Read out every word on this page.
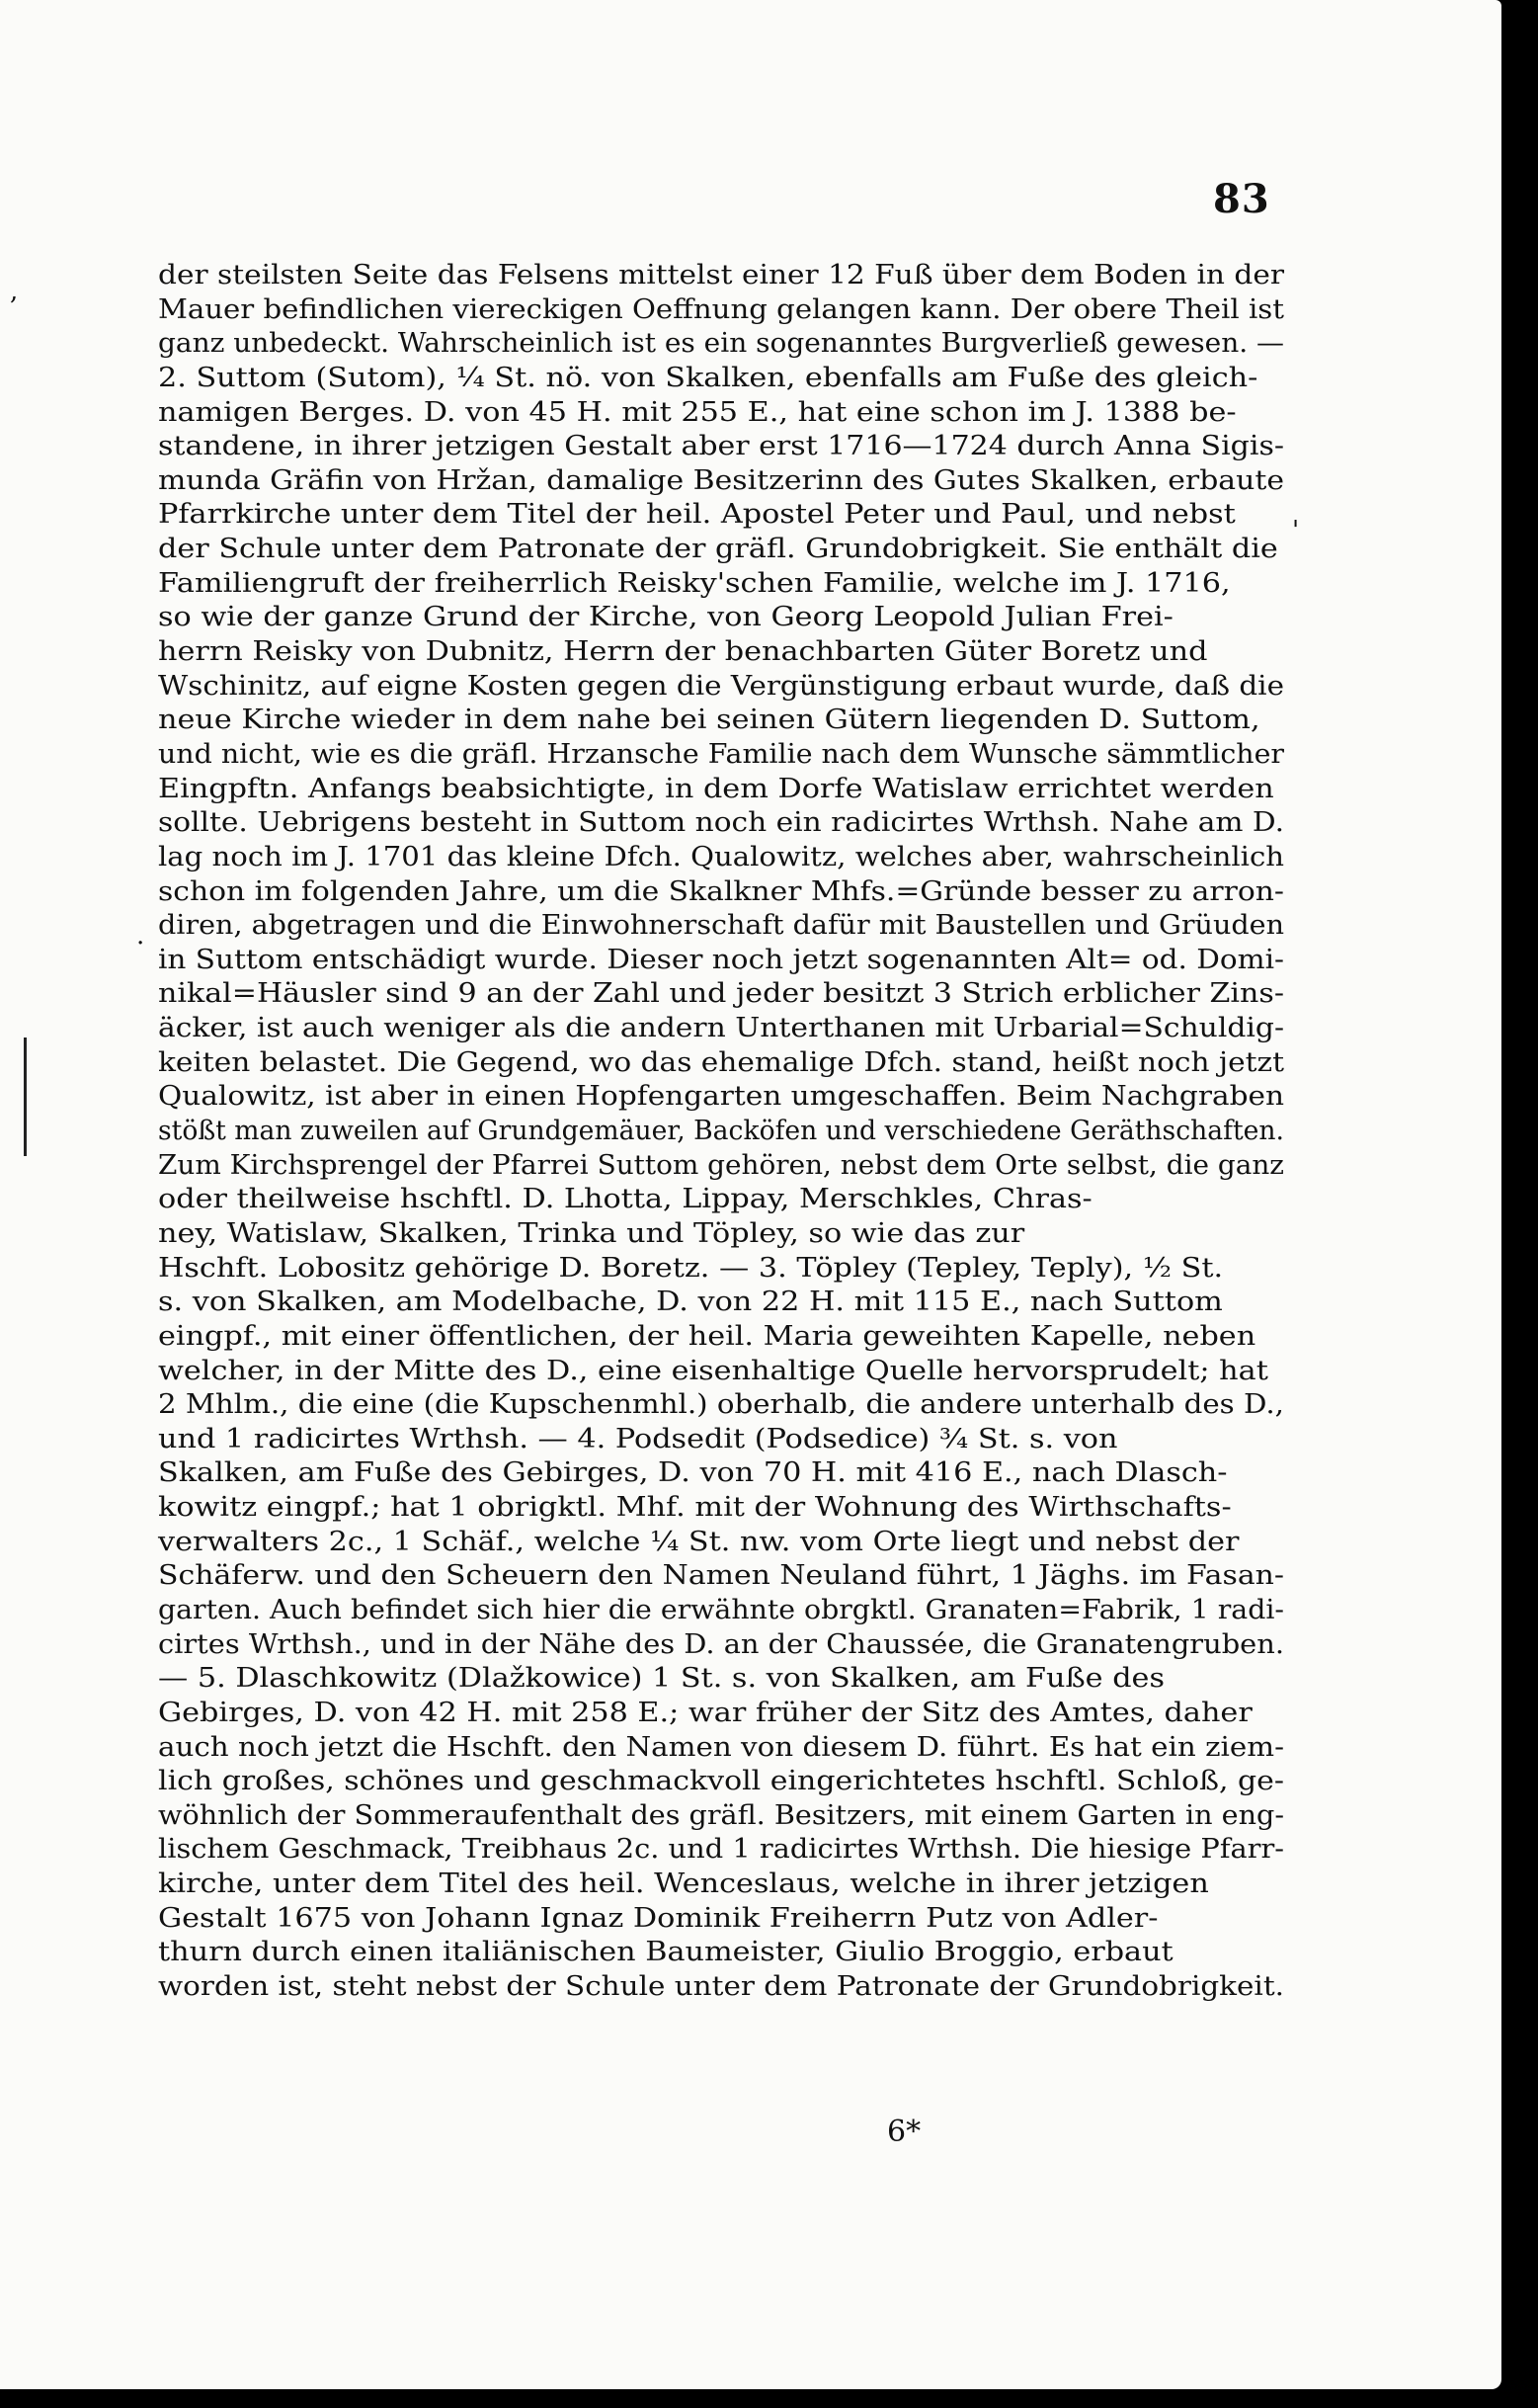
83
der steilsten Seite das Felsens mittelst einer 12 Fuß über dem Boden in der
Mauer befindlichen viereckigen Oeffnung gelangen kann. Der obere Theil ist
ganz unbedeckt. Wahrscheinlich ist es ein sogenanntes Burgverließ gewesen. —
2. Suttom (Sutom), ¹⁄₄ St. nö. von Skalken, ebenfalls am Fuße des gleich-
namigen Berges. D. von 45 H. mit 255 E., hat eine schon im J. 1388 be-
standene, in ihrer jetzigen Gestalt aber erst 1716—1724 durch Anna Sigis-
munda Gräfin von Hržan, damalige Besitzerinn des Gutes Skalken, erbaute
Pfarrkirche unter dem Titel der heil. Apostel Peter und Paul, und nebst
der Schule unter dem Patronate der gräfl. Grundobrigkeit. Sie enthält die
Familiengruft der freiherrlich Reisky'schen Familie, welche im J. 1716,
so wie der ganze Grund der Kirche, von Georg Leopold Julian Frei-
herrn Reisky von Dubnitz, Herrn der benachbarten Güter Boretz und
Wschinitz, auf eigne Kosten gegen die Vergünstigung erbaut wurde, daß die
neue Kirche wieder in dem nahe bei seinen Gütern liegenden D. Suttom,
und nicht, wie es die gräfl. Hrzansche Familie nach dem Wunsche sämmtlicher
Eingpftn. Anfangs beabsichtigte, in dem Dorfe Watislaw errichtet werden
sollte. Uebrigens besteht in Suttom noch ein radicirtes Wrthsh. Nahe am D.
lag noch im J. 1701 das kleine Dfch. Qualowitz, welches aber, wahrscheinlich
schon im folgenden Jahre, um die Skalkner Mhfs.=Gründe besser zu arron-
diren, abgetragen und die Einwohnerschaft dafür mit Baustellen und Grüuden
in Suttom entschädigt wurde. Dieser noch jetzt sogenannten Alt= od. Domi-
nikal=Häusler sind 9 an der Zahl und jeder besitzt 3 Strich erblicher Zins-
äcker, ist auch weniger als die andern Unterthanen mit Urbarial=Schuldig-
keiten belastet. Die Gegend, wo das ehemalige Dfch. stand, heißt noch jetzt
Qualowitz, ist aber in einen Hopfengarten umgeschaffen. Beim Nachgraben
stößt man zuweilen auf Grundgemäuer, Backöfen und verschiedene Geräthschaften.
Zum Kirchsprengel der Pfarrei Suttom gehören, nebst dem Orte selbst, die ganz
oder theilweise hschftl. D. Lhotta, Lippay, Merschkles, Chras-
ney, Watislaw, Skalken, Trinka und Töpley, so wie das zur
Hschft. Lobositz gehörige D. Boretz. — 3. Töpley (Tepley, Teply), ½ St.
s. von Skalken, am Modelbache, D. von 22 H. mit 115 E., nach Suttom
eingpf., mit einer öffentlichen, der heil. Maria geweihten Kapelle, neben
welcher, in der Mitte des D., eine eisenhaltige Quelle hervorsprudelt; hat
2 Mhlm., die eine (die Kupschenmhl.) oberhalb, die andere unterhalb des D.,
und 1 radicirtes Wrthsh. — 4. Podsedit (Podsedice) ¾ St. s. von
Skalken, am Fuße des Gebirges, D. von 70 H. mit 416 E., nach Dlasch-
kowitz eingpf.; hat 1 obrigktl. Mhf. mit der Wohnung des Wirthschafts-
verwalters 2c., 1 Schäf., welche ¼ St. nw. vom Orte liegt und nebst der
Schäferw. und den Scheuern den Namen Neuland führt, 1 Jäghs. im Fasan-
garten. Auch befindet sich hier die erwähnte obrgktl. Granaten=Fabrik, 1 radi-
cirtes Wrthsh., und in der Nähe des D. an der Chaussée, die Granatengruben.
— 5. Dlaschkowitz (Dlažkowice) 1 St. s. von Skalken, am Fuße des
Gebirges, D. von 42 H. mit 258 E.; war früher der Sitz des Amtes, daher
auch noch jetzt die Hschft. den Namen von diesem D. führt. Es hat ein ziem-
lich großes, schönes und geschmackvoll eingerichtetes hschftl. Schloß, ge-
wöhnlich der Sommeraufenthalt des gräfl. Besitzers, mit einem Garten in eng-
lischem Geschmack, Treibhaus 2c. und 1 radicirtes Wrthsh. Die hiesige Pfarr-
kirche, unter dem Titel des heil. Wenceslaus, welche in ihrer jetzigen
Gestalt 1675 von Johann Ignaz Dominik Freiherrn Putz von Adler-
thurn durch einen italiänischen Baumeister, Giulio Broggio, erbaut
worden ist, steht nebst der Schule unter dem Patronate der Grundobrigkeit.
6*
,
'
.
